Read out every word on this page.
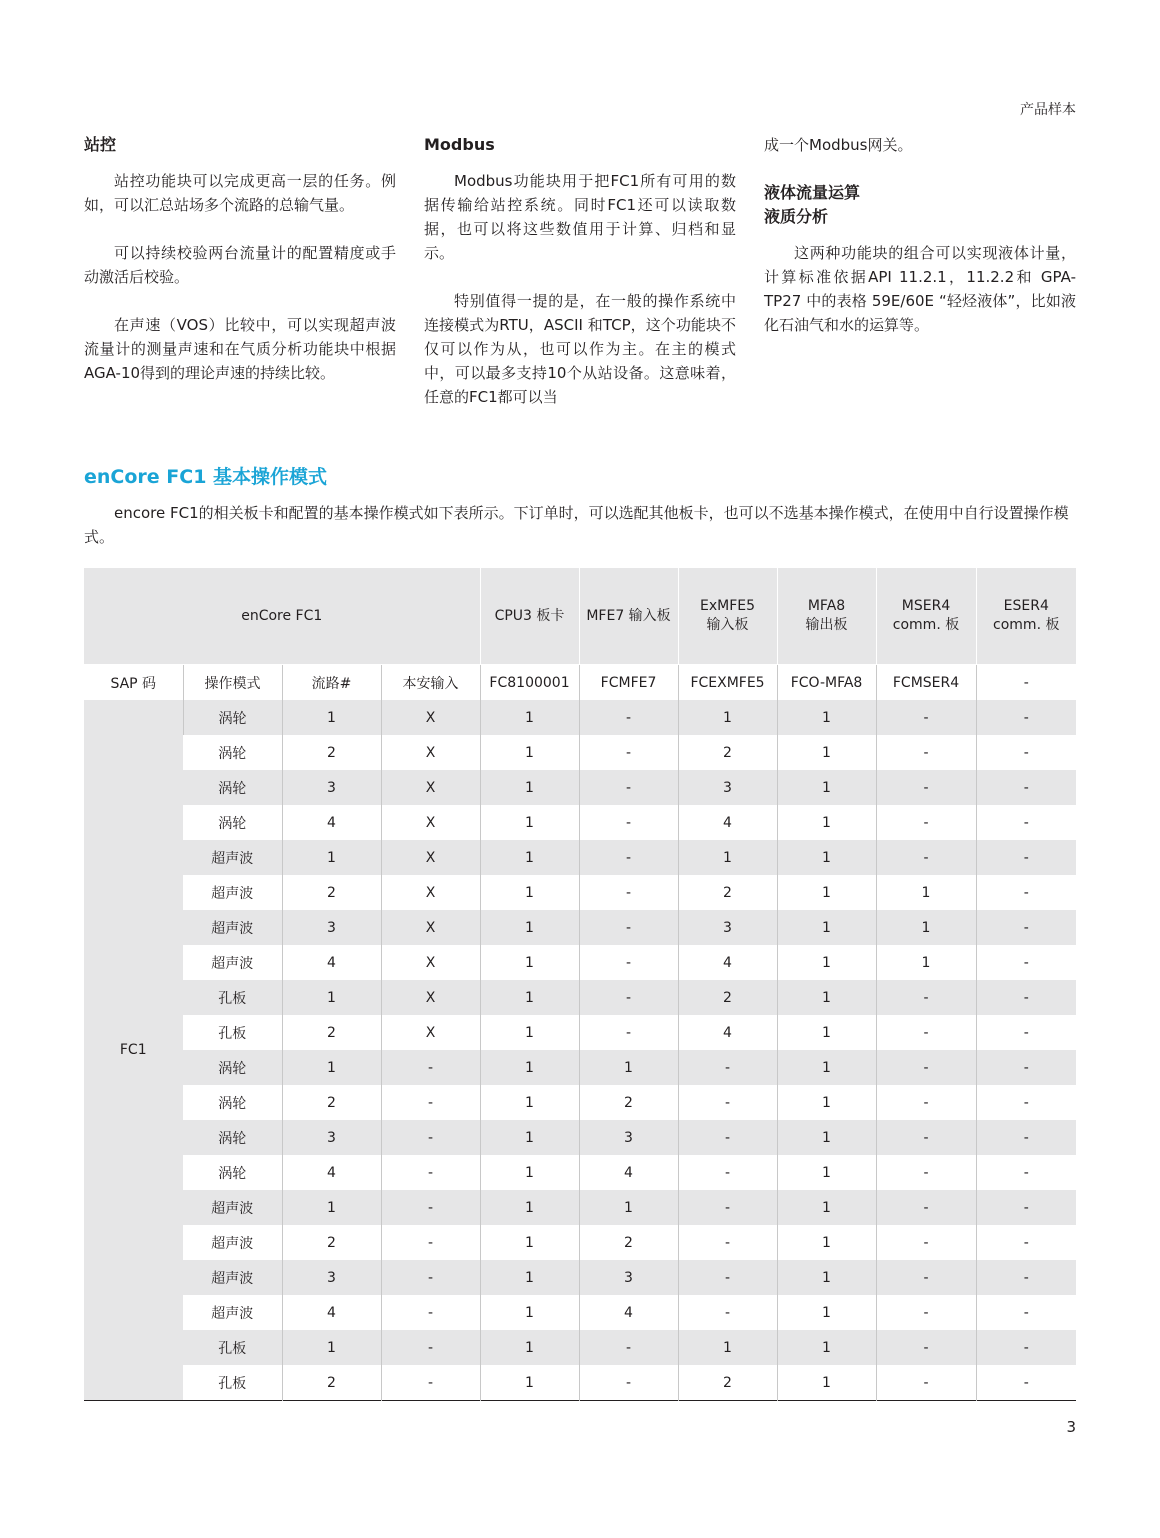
产品样本
站控

站控功能块可以完成更高一层的任务。例如，可以汇总站场多个流路的总输气量。

可以持续校验两台流量计的配置精度或手动激活后校验。

在声速（VOS）比较中，可以实现超声波流量计的测量声速和在气质分析功能块中根据AGA-10得到的理论声速的持续比较。

Modbus

Modbus功能块用于把FC1所有可用的数据传输给站控系统。同时FC1还可以读取数据，也可以将这些数值用于计算、归档和显示。

特别值得一提的是，在一般的操作系统中连接模式为RTU，ASCII 和TCP，这个功能块不仅可以作为从，也可以作为主。在主的模式中，可以最多支持10个从站设备。这意味着，任意的FC1都可以当

成一个Modbus网关。

液体流量运算
液质分析

这两种功能块的组合可以实现液体计量，计算标准依据API 11.2.1，11.2.2和 GPA-TP27 中的表格 59E/60E “轻烃液体”，比如液化石油气和水的运算等。

enCore FC1 基本操作模式
encore FC1的相关板卡和配置的基本操作模式如下表所示。下订单时，可以选配其他板卡，也可以不选基本操作模式，在使用中自行设置操作模式。
enCore FC1				CPU3 板卡	MFE7 输入板	ExMFE5
输入板	MFA8
输出板	MSER4
comm. 板	ESER4
comm. 板
SAP 码	操作模式	流路#	本安输入	FC8100001	FCMFE7	FCEXMFE5	FCO-MFA8	FCMSER4	-
FC1	涡轮	1	X	1	-	1	1	-	-
	涡轮	2	X	1	-	2	1	-	-
	涡轮	3	X	1	-	3	1	-	-
	涡轮	4	X	1	-	4	1	-	-
	超声波	1	X	1	-	1	1	-	-
	超声波	2	X	1	-	2	1	1	-
	超声波	3	X	1	-	3	1	1	-
	超声波	4	X	1	-	4	1	1	-
	孔板	1	X	1	-	2	1	-	-
	孔板	2	X	1	-	4	1	-	-
	涡轮	1	-	1	1	-	1	-	-
	涡轮	2	-	1	2	-	1	-	-
	涡轮	3	-	1	3	-	1	-	-
	涡轮	4	-	1	4	-	1	-	-
	超声波	1	-	1	1	-	1	-	-
	超声波	2	-	1	2	-	1	-	-
	超声波	3	-	1	3	-	1	-	-
	超声波	4	-	1	4	-	1	-	-
	孔板	1	-	1	-	1	1	-	-
	孔板	2	-	1	-	2	1	-	-
3
